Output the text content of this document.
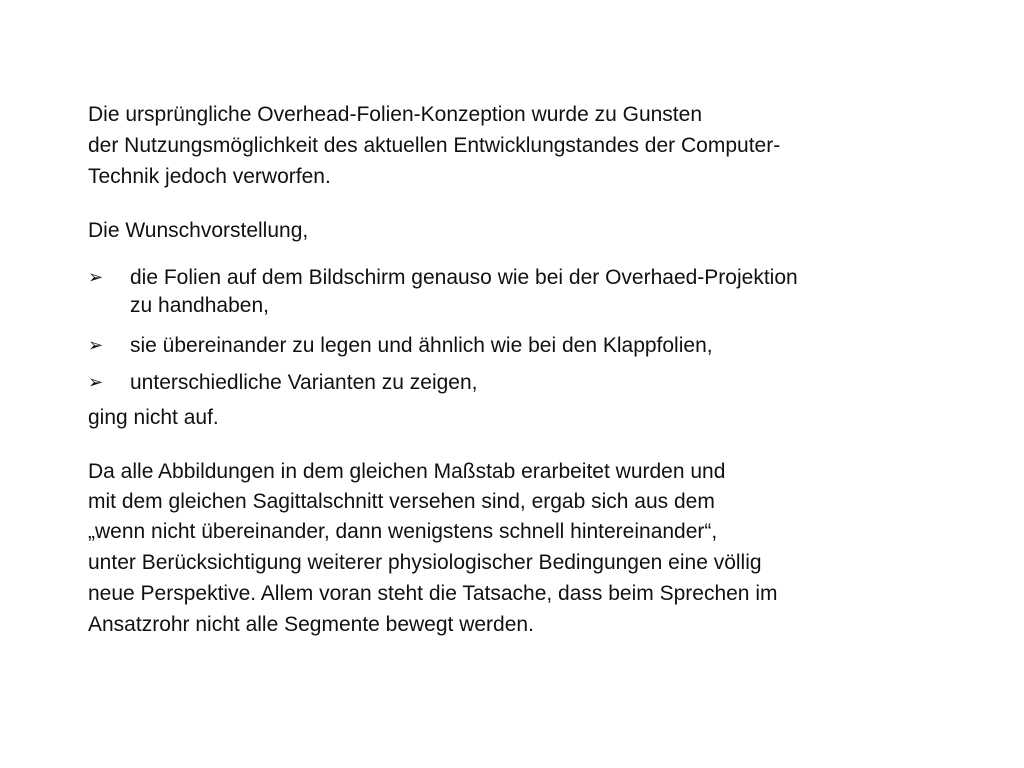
Die ursprüngliche Overhead-Folien-Konzeption wurde zu Gunsten
der Nutzungsmöglichkeit des aktuellen Entwicklungstandes der Computer-
Technik jedoch verworfen.
Die Wunschvorstellung,
➢ die Folien auf dem Bildschirm genauso wie bei der Overhaed-Projektion
zu handhaben,
➢ sie übereinander zu legen und ähnlich wie bei den Klappfolien,
➢ unterschiedliche Varianten zu zeigen,
ging nicht auf.
Da alle Abbildungen in dem gleichen Maßstab erarbeitet wurden und
mit dem gleichen Sagittalschnitt versehen sind, ergab sich aus dem
„wenn nicht übereinander, dann wenigstens schnell hintereinander“,
unter Berücksichtigung weiterer physiologischer Bedingungen eine völlig
neue Perspektive. Allem voran steht die Tatsache, dass beim Sprechen im
Ansatzrohr nicht alle Segmente bewegt werden.
